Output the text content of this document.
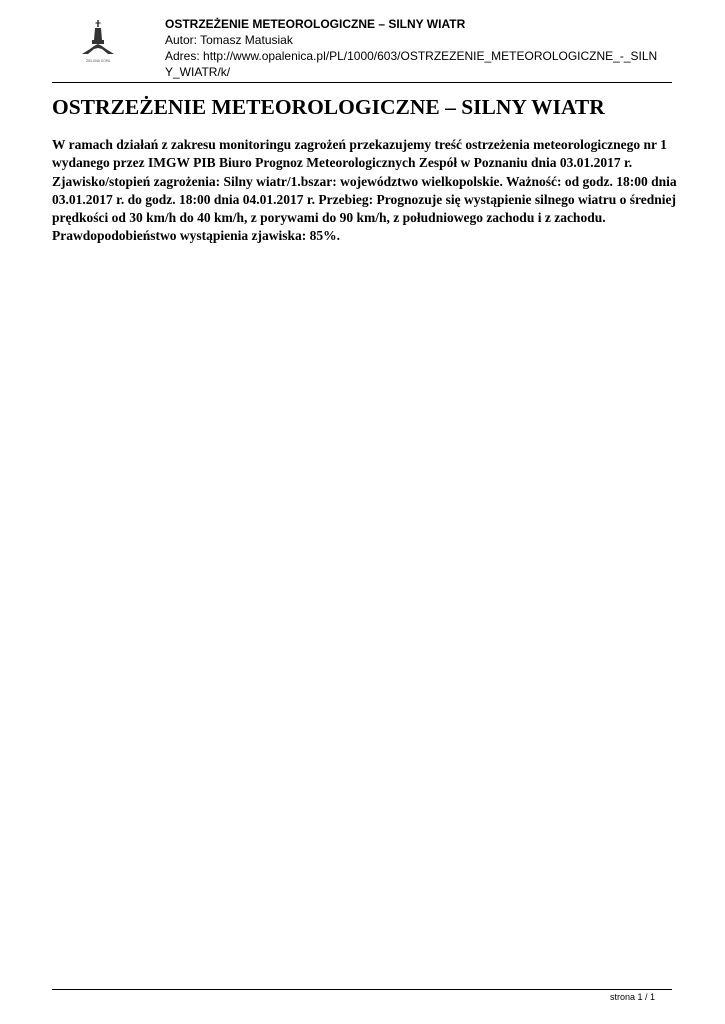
ZIELONA GÓRA

OSTRZEŻENIE METEOROLOGICZNE – SILNY WIATR

Autor: Tomasz Matusiak

Adres: http://www.opalenica.pl/PL/1000/603/OSTRZEZENIE_METEOROLOGICZNE_-_SILN

Y_WIATR/k/

OSTRZEŻENIE METEOROLOGICZNE – SILNY WIATR

W ramach działań z zakresu monitoringu zagrożeń przekazujemy treść ostrzeżenia meteorologicznego nr 1 wydanego przez IMGW PIB Biuro Prognoz Meteorologicznych Zespół w Poznaniu dnia 03.01.2017 r. Zjawisko/stopień zagrożenia: Silny wiatr/1.bszar: województwo wielkopolskie. Ważność: od godz. 18:00 dnia 03.01.2017 r. do godz. 18:00 dnia 04.01.2017 r. Przebieg: Prognozuje się wystąpienie silnego wiatru o średniej prędkości od 30 km/h do 40 km/h, z porywami do 90 km/h, z południowego zachodu i z zachodu. Prawdopodobieństwo wystąpienia zjawiska: 85%.

strona 1 / 1
